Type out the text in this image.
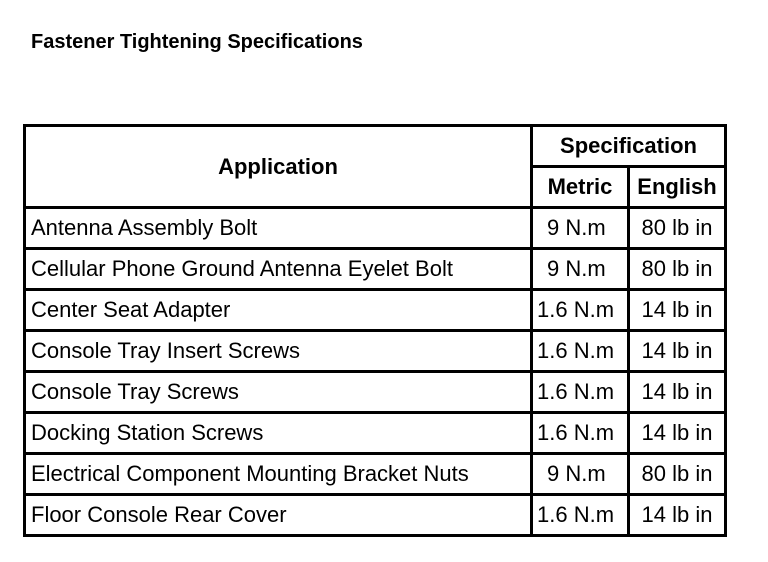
Fastener Tightening Specifications
Application	Specification	
	Metric	English
Antenna Assembly Bolt	9 N.m	80 lb in
Cellular Phone Ground Antenna Eyelet Bolt	9 N.m	80 lb in
Center Seat Adapter	1.6 N.m	14 lb in
Console Tray Insert Screws	1.6 N.m	14 lb in
Console Tray Screws	1.6 N.m	14 lb in
Docking Station Screws	1.6 N.m	14 lb in
Electrical Component Mounting Bracket Nuts	9 N.m	80 lb in
Floor Console Rear Cover	1.6 N.m	14 lb in
